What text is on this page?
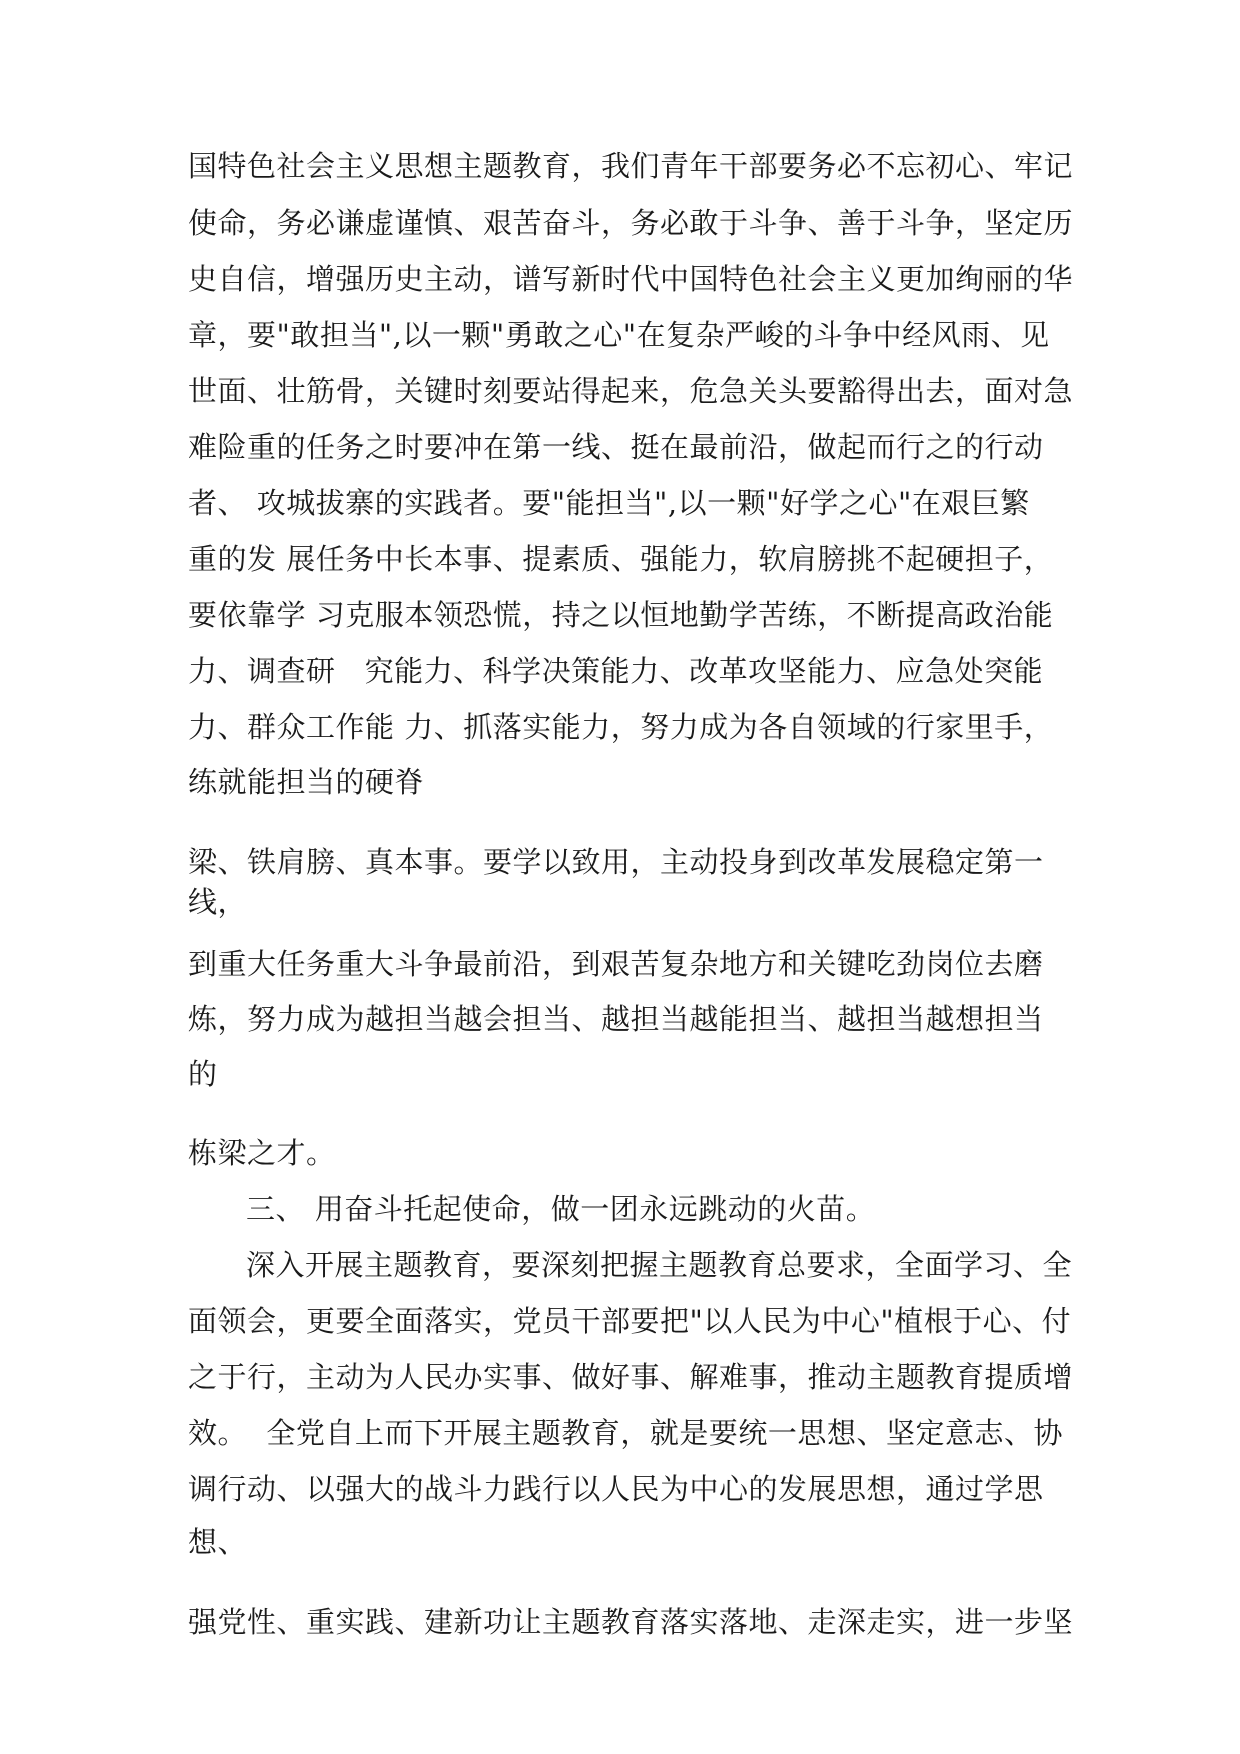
国特色社会主义思想主题教育，我们青年干部要务必不忘初心、牢记
使命，务必谦虚谨慎、艰苦奋斗，务必敢于斗争、善于斗争，坚定历
史自信，增强历史主动，谱写新时代中国特色社会主义更加绚丽的华
章，要"敢担当",以一颗"勇敢之心"在复杂严峻的斗争中经风雨、见
世面、壮筋骨，关键时刻要站得起来，危急关头要豁得出去，面对急
难险重的任务之时要冲在第一线、挺在最前沿，做起而行之的行动
者、 攻城拔寨的实践者。要"能担当",以一颗"好学之心"在艰巨繁
重的发 展任务中长本事、提素质、强能力，软肩膀挑不起硬担子，
要依靠学 习克服本领恐慌，持之以恒地勤学苦练，不断提高政治能
力、调查研   究能力、科学决策能力、改革攻坚能力、应急处突能
力、群众工作能 力、抓落实能力，努力成为各自领域的行家里手，
练就能担当的硬脊
梁、铁肩膀、真本事。要学以致用，主动投身到改革发展稳定第一
线，
到重大任务重大斗争最前沿，到艰苦复杂地方和关键吃劲岗位去磨
炼，努力成为越担当越会担当、越担当越能担当、越担当越想担当
的
栋梁之才。
三、 用奋斗托起使命，做一团永远跳动的火苗。
深入开展主题教育，要深刻把握主题教育总要求，全面学习、全
面领会，更要全面落实，党员干部要把"以人民为中心"植根于心、付
之于行，主动为人民办实事、做好事、解难事，推动主题教育提质增
效。  全党自上而下开展主题教育，就是要统一思想、坚定意志、协
调行动、以强大的战斗力践行以人民为中心的发展思想，通过学思
想、
强党性、重实践、建新功让主题教育落实落地、走深走实，进一步坚
